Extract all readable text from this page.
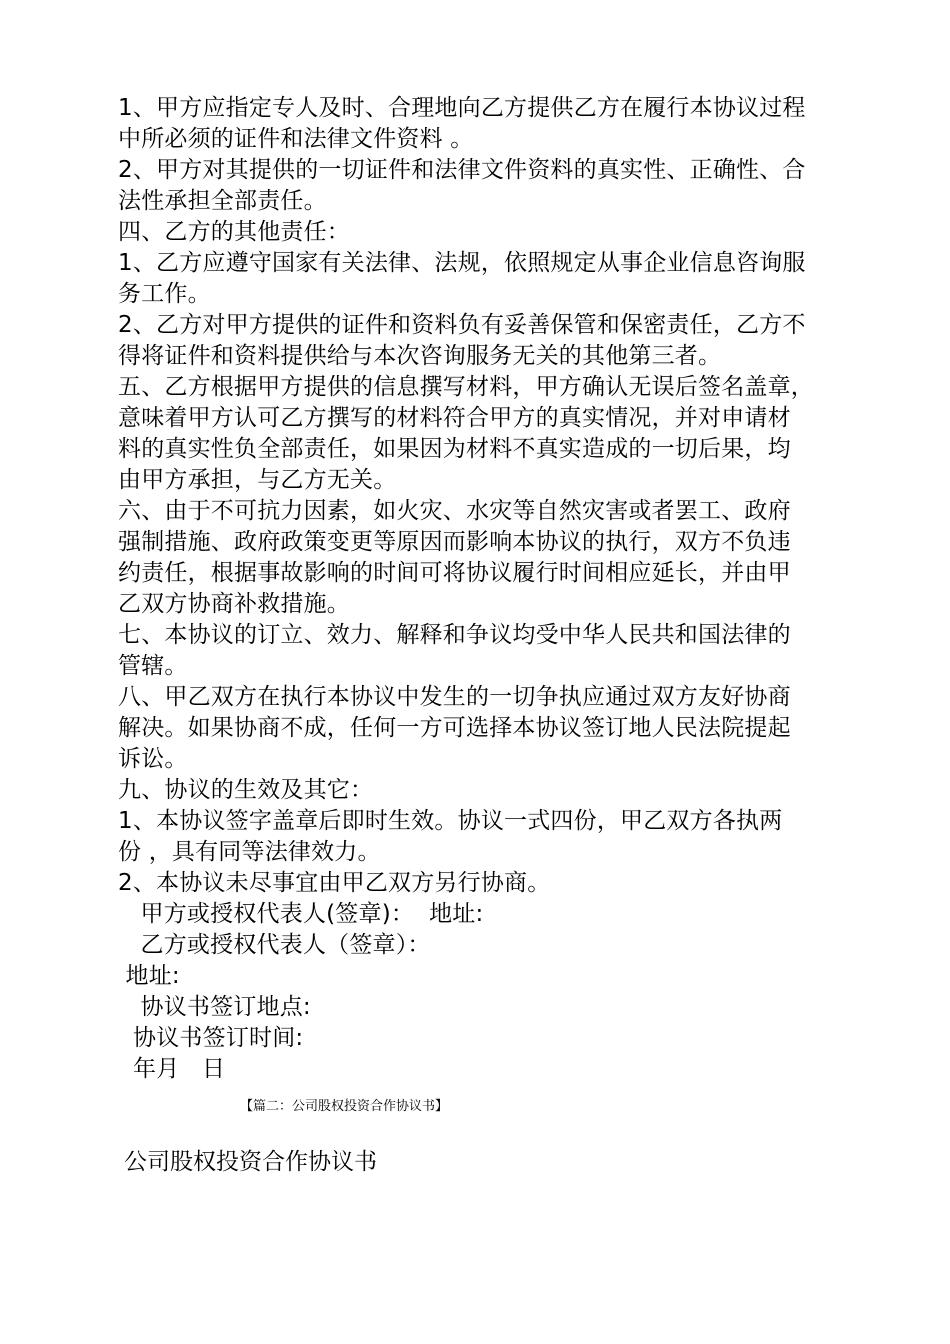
1、甲方应指定专人及时、合理地向乙方提供乙方在履行本协议过程
中所必须的证件和法律文件资料 。
2、甲方对其提供的一切证件和法律文件资料的真实性、正确性、合
法性承担全部责任。
四、乙方的其他责任：
1、乙方应遵守国家有关法律、法规，依照规定从事企业信息咨询服
务工作。
2、乙方对甲方提供的证件和资料负有妥善保管和保密责任，乙方不
得将证件和资料提供给与本次咨询服务无关的其他第三者。
五、乙方根据甲方提供的信息撰写材料，甲方确认无误后签名盖章，
意味着甲方认可乙方撰写的材料符合甲方的真实情况，并对申请材
料的真实性负全部责任，如果因为材料不真实造成的一切后果，均
由甲方承担，与乙方无关。
六、由于不可抗力因素，如火灾、水灾等自然灾害或者罢工、政府
强制措施、政府政策变更等原因而影响本协议的执行，双方不负违
约责任，根据事故影响的时间可将协议履行时间相应延长，并由甲
乙双方协商补救措施。
七、本协议的订立、效力、解释和争议均受中华人民共和国法律的
管辖。
八、甲乙双方在执行本协议中发生的一切争执应通过双方友好协商
解决。如果协商不成，任何一方可选择本协议签订地人民法院提起
诉讼。
九、协议的生效及其它：
1、本协议签字盖章后即时生效。协议一式四份，甲乙双方各执两
份 ，具有同等法律效力。
2、本协议未尽事宜由甲乙双方另行协商。
甲方或授权代表人(签章)：  地址:
乙方或授权代表人（签章）：
地址:
协议书签订地点:
协议书签订时间:
年月   日
【篇二：公司股权投资合作协议书】
公司股权投资合作协议书
